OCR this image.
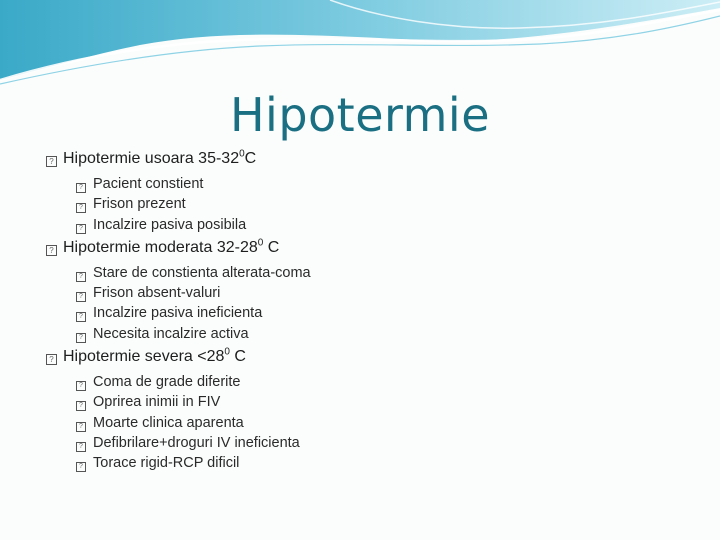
Hipotermie
? Hipotermie usoara $35-32^0C$
? Pacient constient
? Frison prezent
? Incalzire pasiva posibila
? Hipotermie moderata $32-28^0$ C
? Stare de constienta alterata-coma
? Frison absent-valuri
? Incalzire pasiva ineficienta
? Necesita incalzire activa
? Hipotermie severa $<28^0$ C
? Coma de grade diferite
? Oprirea inimii in FIV
? Moarte clinica aparenta
? Defibrilare+droguri IV ineficienta
? Torace rigid-RCP dificil
